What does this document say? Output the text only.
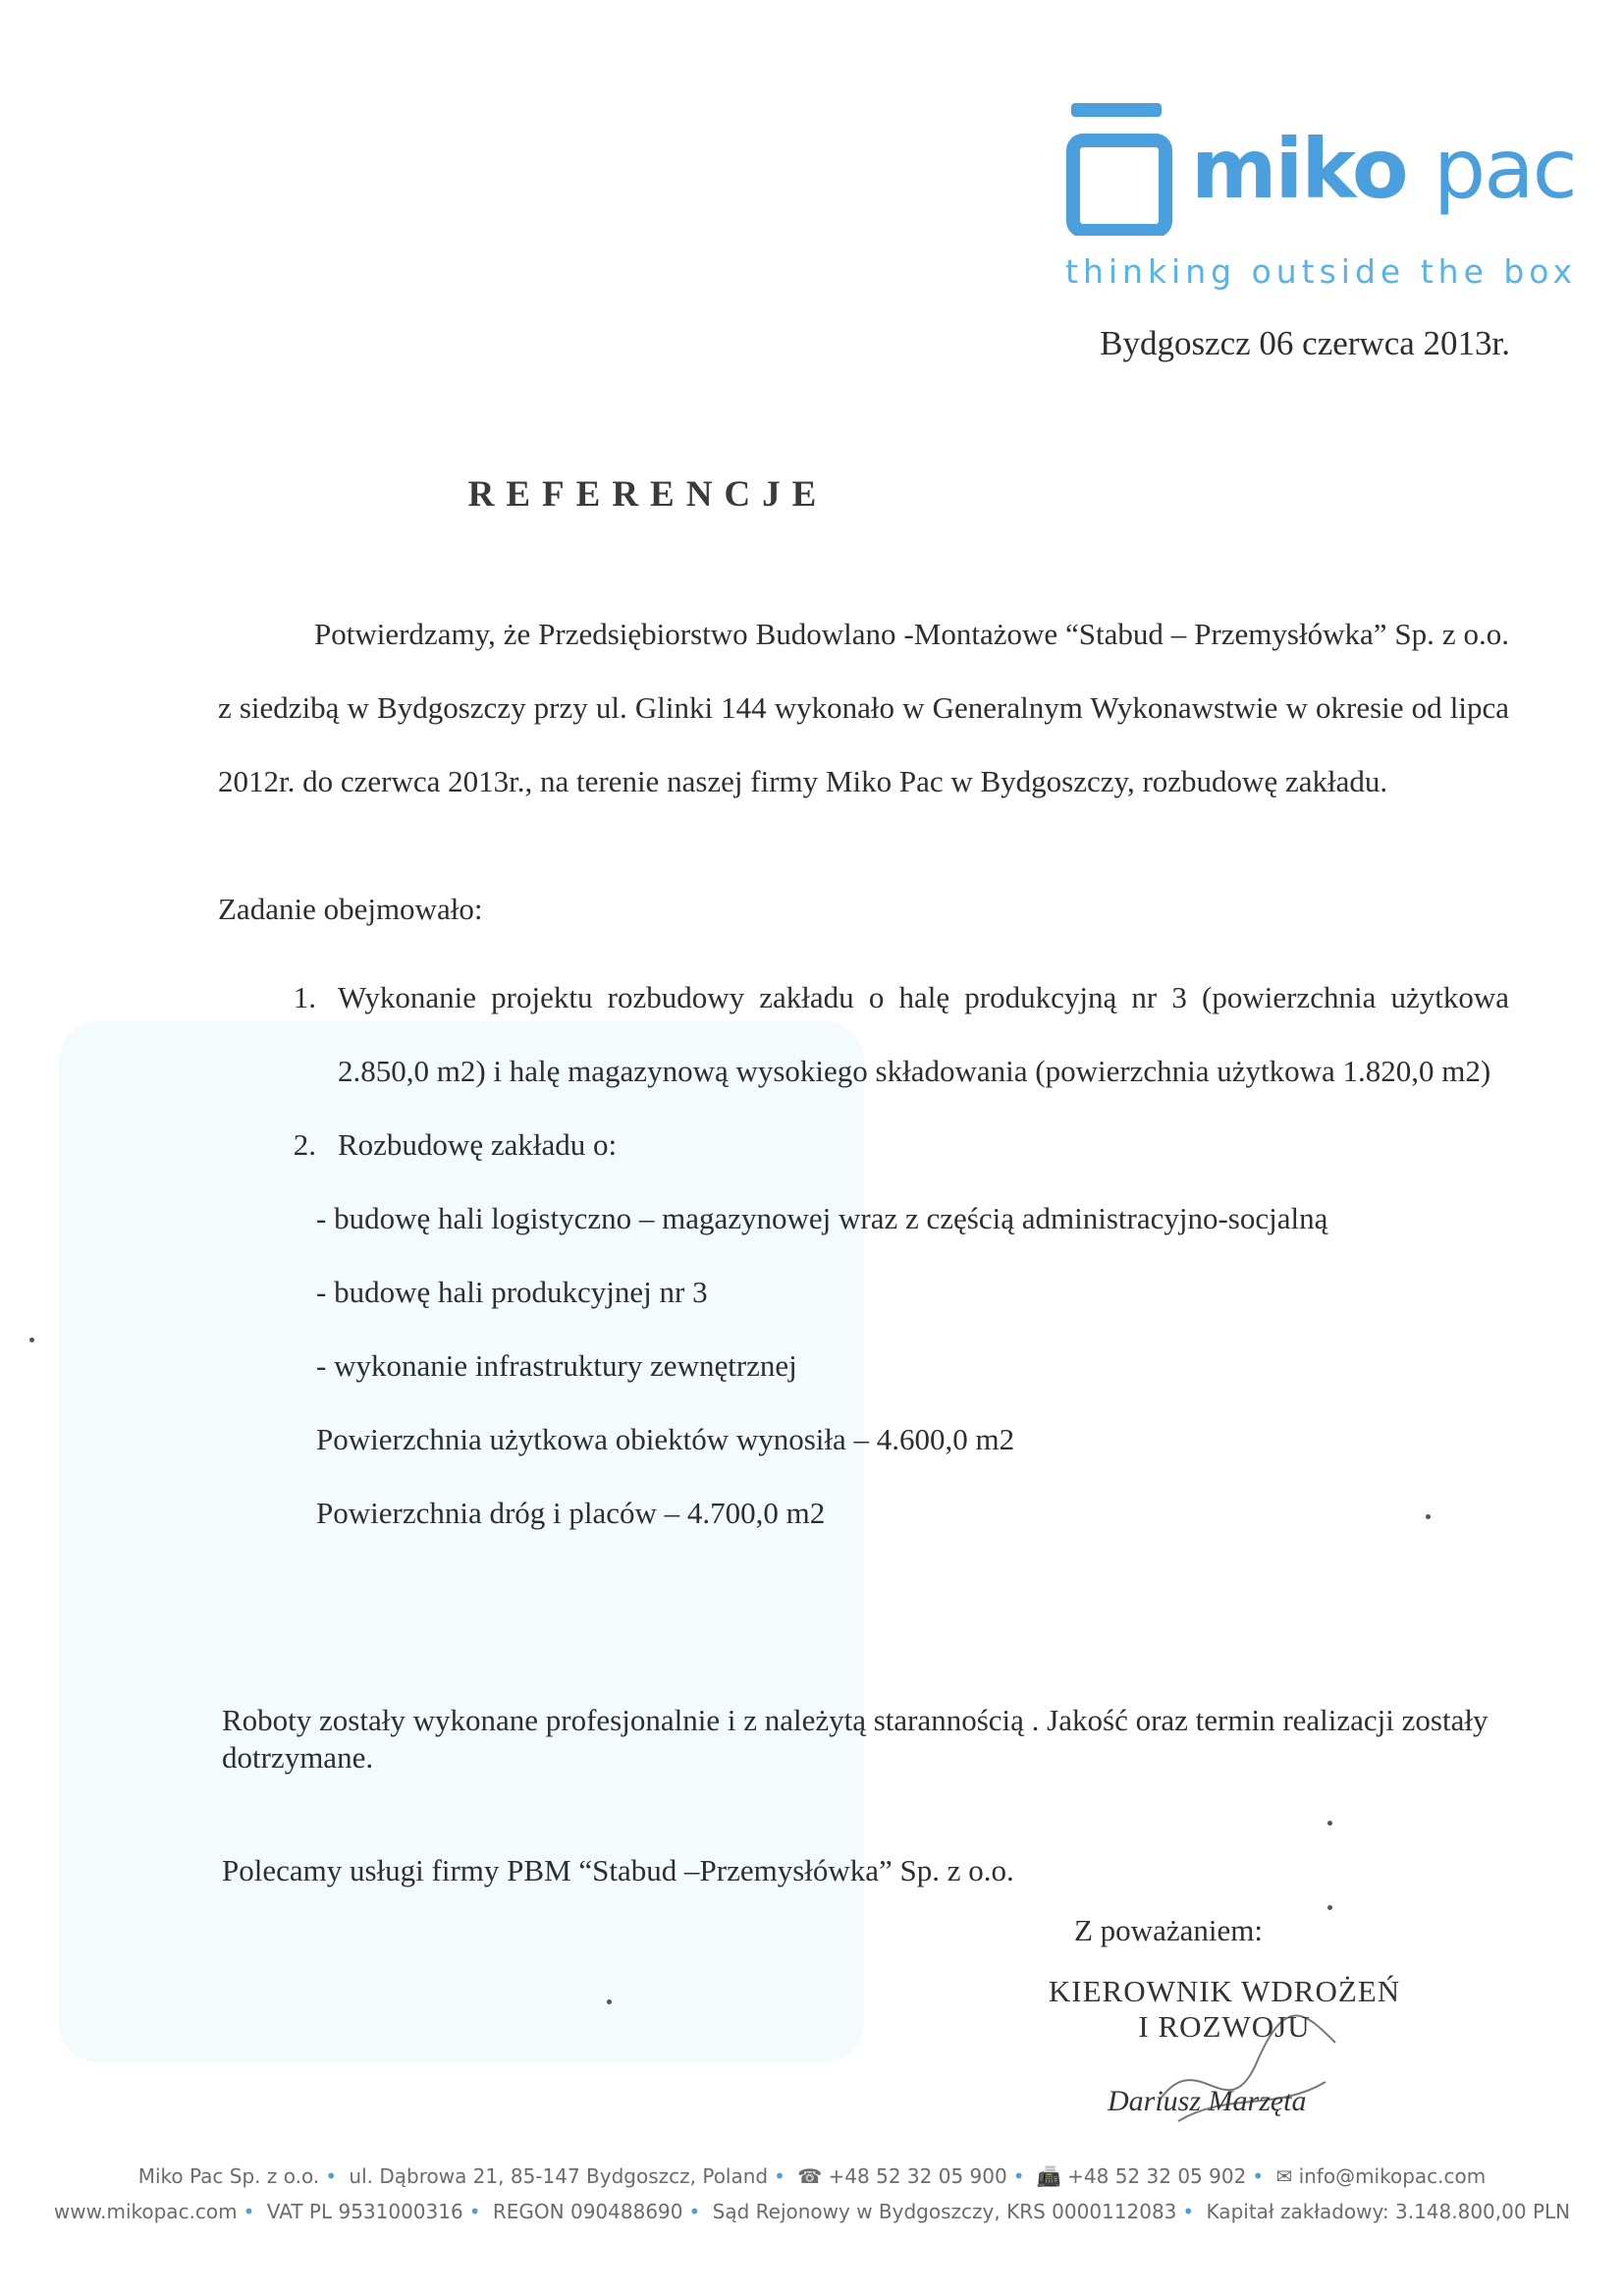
miko pac
thinking outside the box
Bydgoszcz 06 czerwca 2013r.
REFERENCJE

Potwierdzamy, że Przedsiębiorstwo Budowlano -Montażowe “Stabud – Przemysłówka” Sp. z o.o. z siedzibą w Bydgoszczy przy ul. Glinki 144 wykonało w Generalnym Wykonawstwie w okresie od lipca 2012r. do czerwca 2013r., na terenie naszej firmy Miko Pac w Bydgoszczy, rozbudowę zakładu.

Zadanie obejmowało:
1. Wykonanie projektu rozbudowy zakładu o halę produkcyjną nr 3 (powierzchnia użytkowa 2.850,0 m2) i halę magazynową wysokiego składowania (powierzchnia użytkowa 1.820,0 m2)
2. Rozbudowę zakładu o:
- budowę hali logistyczno – magazynowej wraz z częścią administracyjno-socjalną
- budowę hali produkcyjnej nr 3
- wykonanie infrastruktury zewnętrznej
Powierzchnia użytkowa obiektów wynosiła – 4.600,0 m2
Powierzchnia dróg i placów – 4.700,0 m2
Roboty zostały wykonane profesjonalnie i z należytą starannością . Jakość oraz termin realizacji zostały dotrzymane.
Polecamy usługi firmy PBM “Stabud –Przemysłówka” Sp. z o.o.
Z poważaniem:
KIEROWNIK WDROŻEŃ
I ROZWOJU
Dariusz Marzęta
Miko Pac Sp. z o.o. • ul. Dąbrowa 21, 85-147 Bydgoszcz, Poland • ☎ +48 52 32 05 900 • 📠 +48 52 32 05 902 • ✉ info@mikopac.com
www.mikopac.com • VAT PL 9531000316 • REGON 090488690 • Sąd Rejonowy w Bydgoszczy, KRS 0000112083 • Kapitał zakładowy: 3.148.800,00 PLN
